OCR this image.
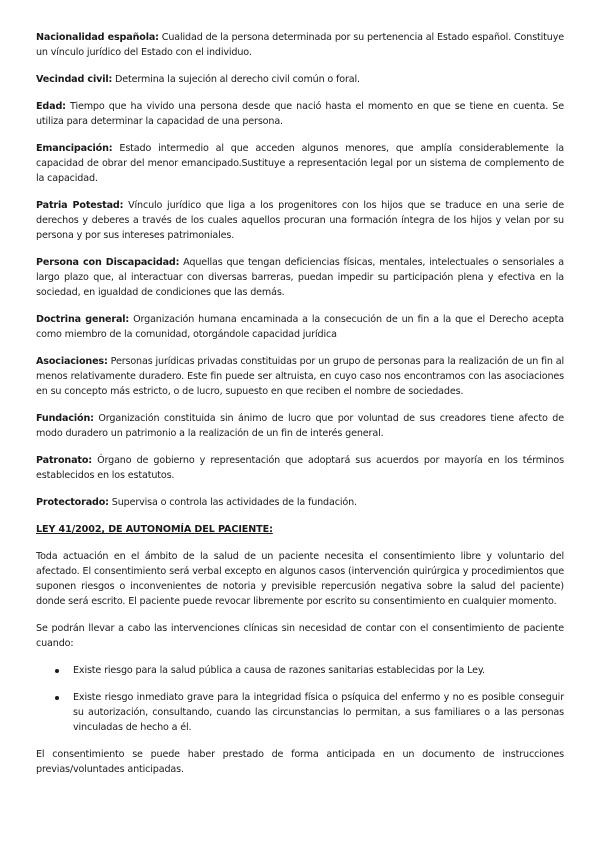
Nacionalidad española: Cualidad de la persona determinada por su pertenencia al Estado español. Constituye un vínculo jurídico del Estado con el individuo.

Vecindad civil: Determina la sujeción al derecho civil común o foral.

Edad: Tiempo que ha vivido una persona desde que nació hasta el momento en que se tiene en cuenta. Se utiliza para determinar la capacidad de una persona.

Emancipación: Estado intermedio al que acceden algunos menores, que amplía considerablemente la capacidad de obrar del menor emancipado.Sustituye a representación legal por un sistema de complemento de la capacidad.

Patria Potestad: Vínculo jurídico que liga a los progenitores con los hijos que se traduce en una serie de derechos y deberes a través de los cuales aquellos procuran una formación íntegra de los hijos y velan por su persona y por sus intereses patrimoniales.

Persona con Discapacidad: Aquellas que tengan deficiencias físicas, mentales, intelectuales o sensoriales a largo plazo que, al interactuar con diversas barreras, puedan impedir su participación plena y efectiva en la sociedad, en igualdad de condiciones que las demás.

Doctrina general: Organización humana encaminada a la consecución de un fin a la que el Derecho acepta como miembro de la comunidad, otorgándole capacidad jurídica

Asociaciones: Personas jurídicas privadas constituidas por un grupo de personas para la realización de un fin al menos relativamente duradero. Este fin puede ser altruista, en cuyo caso nos encontramos con las asociaciones en su concepto más estricto, o de lucro, supuesto en que reciben el nombre de sociedades.

Fundación: Organización constituida sin ánimo de lucro que por voluntad de sus creadores tiene afecto de modo duradero un patrimonio a la realización de un fin de interés general.

Patronato: Órgano de gobierno y representación que adoptará sus acuerdos por mayoría en los términos establecidos en los estatutos.

Protectorado: Supervisa o controla las actividades de la fundación.

LEY 41/2002, DE AUTONOMÍA DEL PACIENTE:

Toda actuación en el ámbito de la salud de un paciente necesita el consentimiento libre y voluntario del afectado. El consentimiento será verbal excepto en algunos casos (intervención quirúrgica y procedimientos que suponen riesgos o inconvenientes de notoria y previsible repercusión negativa sobre la salud del paciente) donde será escrito. El paciente puede revocar libremente por escrito su consentimiento en cualquier momento.

Se podrán llevar a cabo las intervenciones clínicas sin necesidad de contar con el consentimiento de paciente cuando:

Existe riesgo para la salud pública a causa de razones sanitarias establecidas por la Ley.
Existe riesgo inmediato grave para la integridad física o psíquica del enfermo y no es posible conseguir su autorización, consultando, cuando las circunstancias lo permitan, a sus familiares o a las personas vinculadas de hecho a él.

El consentimiento se puede haber prestado de forma anticipada en un documento de instrucciones previas/voluntades anticipadas.
